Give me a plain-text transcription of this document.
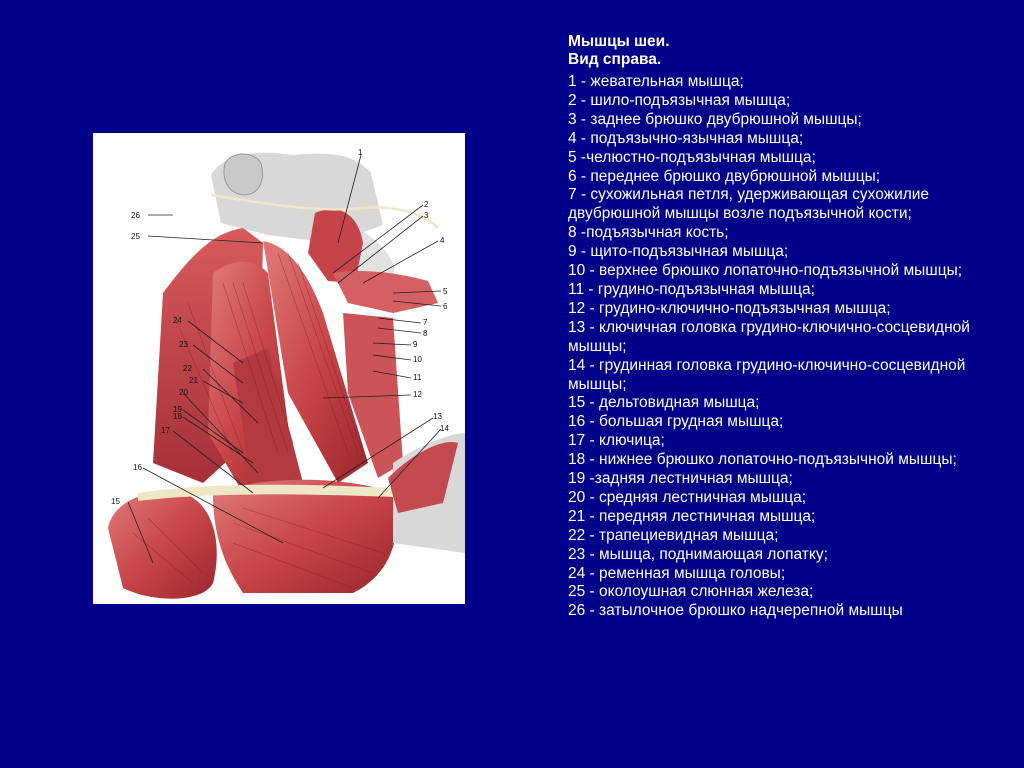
1
2
3
4
5
6
7
8
9
10
11
12
13
14
15
16
17
18
19
20
21
22
23
24
25
26

Мышцы шеи.
Вид справа.

1 - жевательная мышца;
2 - шило-подъязычная мышца;
3 - заднее брюшко двубрюшной мышцы;
4 - подъязычно-язычная мышца;
5 -челюстно-подъязычная мышца;
6 - переднее брюшко двубрюшной мышцы;
7 - сухожильная петля, удерживающая сухожилие двубрюшной мышцы возле подъязычной кости;
8 -подъязычная кость;
9 - щито-подъязычная мышца;
10 - верхнее брюшко лопаточно-подъязычной мышцы;
11 - грудино-подъязычная мышца;
12 - грудино-ключично-подъязычная мышца;
13 - ключичная головка грудино-ключично-сосцевидной мышцы;
14 - грудинная головка грудино-ключично-сосцевидной мышцы;
15 - дельтовидная мышца;
16 - большая грудная мышца;
17 - ключица;
18 - нижнее брюшко лопаточно-подъязычной мышцы;
19 -задняя лестничная мышца;
20 - средняя лестничная мышца;
21 - передняя лестничная мышца;
22 - трапециевидная мышца;
23 - мышца, поднимающая лопатку;
24 - ременная мышца головы;
25 - околоушная слюнная железа;
26 - затылочное брюшко надчерепной мышцы
